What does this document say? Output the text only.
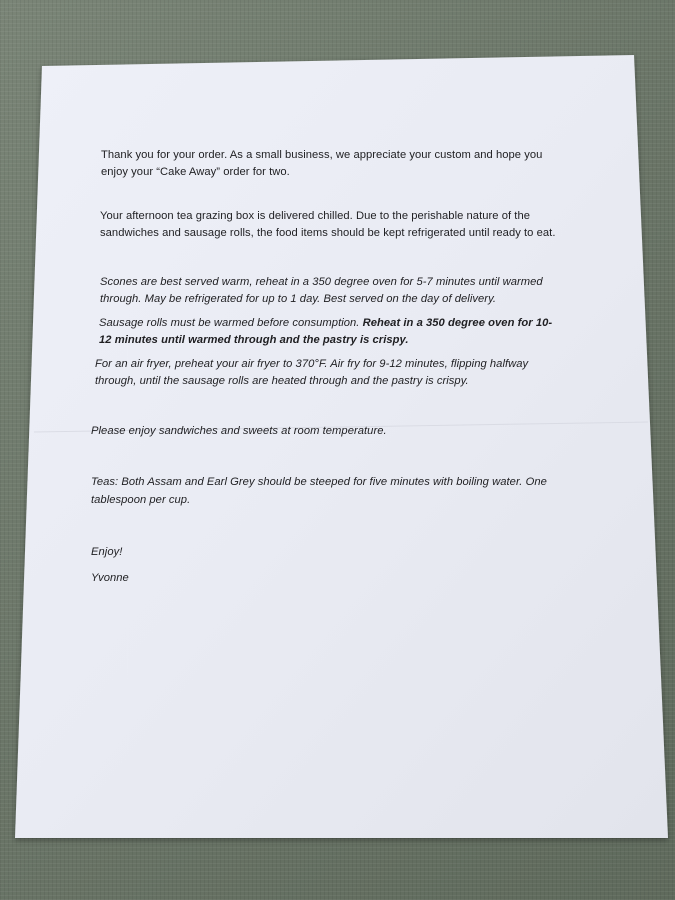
Thank you for your order. As a small business, we appreciate your custom and hope you

enjoy your “Cake Away” order for two.

Your afternoon tea grazing box is delivered chilled. Due to the perishable nature of the

sandwiches and sausage rolls, the food items should be kept refrigerated until ready to eat.

Scones are best served warm, reheat in a 350 degree oven for 5-7 minutes until warmed

through. May be refrigerated for up to 1 day. Best served on the day of delivery.

Sausage rolls must be warmed before consumption. Reheat in a 350 degree oven for 10-

12 minutes until warmed through and the pastry is crispy.

For an air fryer, preheat your air fryer to 370°F. Air fry for 9-12 minutes, flipping halfway

through, until the sausage rolls are heated through and the pastry is crispy.

Please enjoy sandwiches and sweets at room temperature.

Teas: Both Assam and Earl Grey should be steeped for five minutes with boiling water. One

tablespoon per cup.

Enjoy!

Yvonne
